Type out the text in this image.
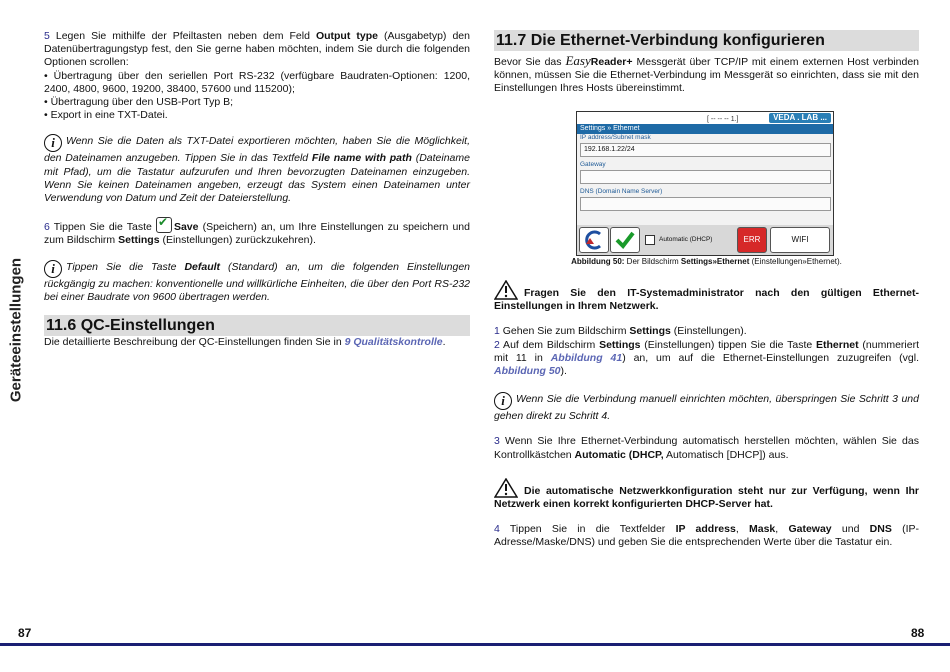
5 Legen Sie mithilfe der Pfeiltasten neben dem Feld Output type (Ausgabetyp) den Datenübertragungstyp fest, den Sie gerne haben möchten, indem Sie durch die folgenden Optionen scrollen:

• Übertragung über den seriellen Port RS-232 (verfügbare Baudraten-Optionen: 1200, 2400, 4800, 9600, 19200, 38400, 57600 und 115200);

• Übertragung über den USB-Port Typ B;

• Export in eine TXT-Datei.

i Wenn Sie die Daten als TXT-Datei exportieren möchten, haben Sie die Möglichkeit, den Dateinamen anzugeben. Tippen Sie in das Textfeld File name with path (Dateiname mit Pfad), um die Tastatur aufzurufen und Ihren bevorzugten Dateinamen einzugeben. Wenn Sie keinen Dateinamen angeben, erzeugt das System einen Dateinamen unter Verwendung von Datum und Zeit der Dateierstellung.

6 Tippen Sie die Taste ✔Save (Speichern) an, um Ihre Einstellungen zu speichern und zum Bildschirm Settings (Einstellungen) zurückzukehren).

i Tippen Sie die Taste Default (Standard) an, um die folgenden Einstellungen rückgängig zu machen: konventionelle und willkürliche Einheiten, die über den Port RS-232 bei einer Baudrate von 9600 übertragen werden.

11.6 QC-Einstellungen

Die detaillierte Beschreibung der QC-Einstellungen finden Sie in 9 Qualitätskontrolle.

11.7 Die Ethernet-Verbindung konfigurieren

Bevor Sie das EasyReader+ Messgerät über TCP/IP mit einem externen Host verbinden können, müssen Sie die Ethernet-Verbindung im Messgerät so einrichten, dass sie mit den Einstellungen Ihres Hosts übereinstimmt.

[ -- -- -- 1.]	VEDA . LAB ...
Settings » Ethernet
IP address/Subnet mask
192.168.1.22/24
Gateway
DNS (Domain Name Server)
Automatic (DHCP)	ERR	WIFI
Abbildung 50: Der Bildschirm Settings»Ethernet (Einstellungen»Ethernet).

Fragen Sie den IT-Systemadministrator nach den gültigen Ethernet-Einstellungen in Ihrem Netzwerk.

1 Gehen Sie zum Bildschirm Settings (Einstellungen).

2 Auf dem Bildschirm Settings (Einstellungen) tippen Sie die Taste Ethernet (nummeriert mit 11 in Abbildung 41) an, um auf die Ethernet-Einstellungen zuzugreifen (vgl. Abbildung 50).

i Wenn Sie die Verbindung manuell einrichten möchten, überspringen Sie Schritt 3 und gehen direkt zu Schritt 4.

3 Wenn Sie Ihre Ethernet-Verbindung automatisch herstellen möchten, wählen Sie das Kontrollkästchen Automatic (DHCP, Automatisch [DHCP]) aus.

Die automatische Netzwerkkonfiguration steht nur zur Verfügung, wenn Ihr Netzwerk einen korrekt konfigurierten DHCP-Server hat.

4 Tippen Sie in die Textfelder IP address, Mask, Gateway und DNS (IP-Adresse/Maske/DNS) und geben Sie die entsprechenden Werte über die Tastatur ein.

Geräteeinstellungen
87	88
